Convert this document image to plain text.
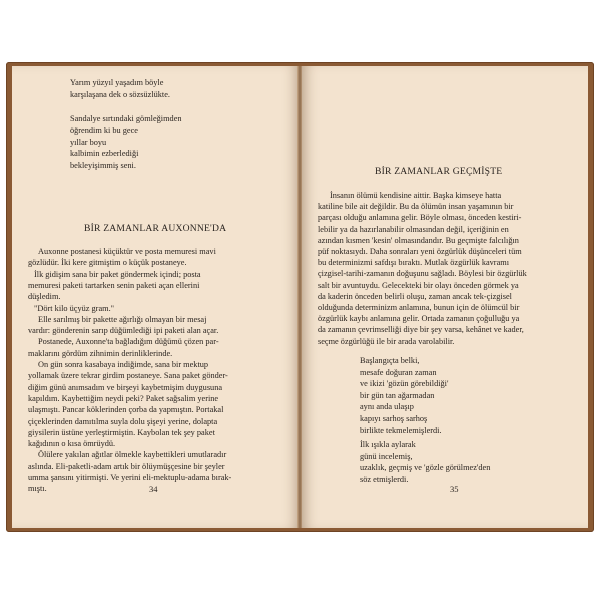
Yarım yüzyıl yaşadım böyle
karşılaşana dek o sözsüzlükte.
Sandalye sırtındaki gömleğimden
öğrendim ki bu gece
yıllar boyu
kalbimin ezberlediği
bekleyişimmiş seni.
BİR ZAMANLAR AUXONNE'DA
Auxonne postanesi küçüktür ve posta memuresi mavi
gözlüdür. İki kere gitmiştim o küçük postaneye.
İlk gidişim sana bir paket göndermek içindi; posta
memuresi paketi tartarken senin paketi açan ellerini
düşledim.
"Dört kilo üçyüz gram."
Elle sarılmış bir pakette ağırlığı olmayan bir mesaj
vardır: gönderenin sarıp düğümlediği ipi paketi alan açar.
Postanede, Auxonne'ta bağladığım düğümü çözen par-
maklarını gördüm zihnimin derinliklerinde.
On gün sonra kasabaya indiğimde, sana bir mektup
yollamak üzere tekrar girdim postaneye. Sana paket gönder-
diğim günü anımsadım ve birşeyi kaybetmişim duygusuna
kapıldım. Kaybettiğim neydi peki? Paket sağsalim yerine
ulaşmıştı. Pancar köklerinden çorba da yapmıştın. Portakal
çiçeklerinden damıtılma suyla dolu şişeyi yerine, dolapta
giysilerin üstüne yerleştirmiştin. Kaybolan tek şey paket
kağıdının o kısa ömrüydü.
Ölülere yakılan ağıtlar ölmekle kaybettikleri umutlaradır
aslında. Eli-paketli-adam artık bir ölüymüşçesine bir şeyler
umma şansını yitirmişti. Ve yerini eli-mektuplu-adama bırak-
mıştı.	34
BİR ZAMANLAR GEÇMİŞTE
İnsanın ölümü kendisine aittir. Başka kimseye hatta
katiline bile ait değildir. Bu da ölümün insan yaşamının bir
parçası olduğu anlamına gelir. Böyle olması, önceden kestiri-
lebilir ya da hazırlanabilir olmasından değil, içeriğinin en
azından kısmen 'kesin' olmasındandır. Bu geçmişte falcılığın
püf noktasıydı. Daha sonraları yeni özgürlük düşünceleri tüm
bu determinizmi safdışı bıraktı. Mutlak özgürlük kavramı
çizgisel-tarihi-zamanın doğuşunu sağladı. Böylesi bir özgürlük
salt bir avuntuydu. Gelecekteki bir olayı önceden görmek ya
da kaderin önceden belirli oluşu, zaman ancak tek-çizgisel
olduğunda determinizm anlamına, bunun için de ölümcül bir
özgürlük kaybı anlamına gelir. Ortada zamanın çoğulluğu ya
da zamanın çevrimselliği diye bir şey varsa, kehânet ve kader,
seçme özgürlüğü ile bir arada varolabilir.
Başlangıçta belki,
mesafe doğuran zaman
ve ikizi 'gözün görebildiği'
bir gün tan ağarmadan
aynı anda ulaşıp
kapıyı sarhoş sarhoş
birlikte tekmelemişlerdi.
İlk ışıkla aylarak
günü incelemiş,
uzaklık, geçmiş ve 'gözle görülmez'den
söz etmişlerdi.
35
